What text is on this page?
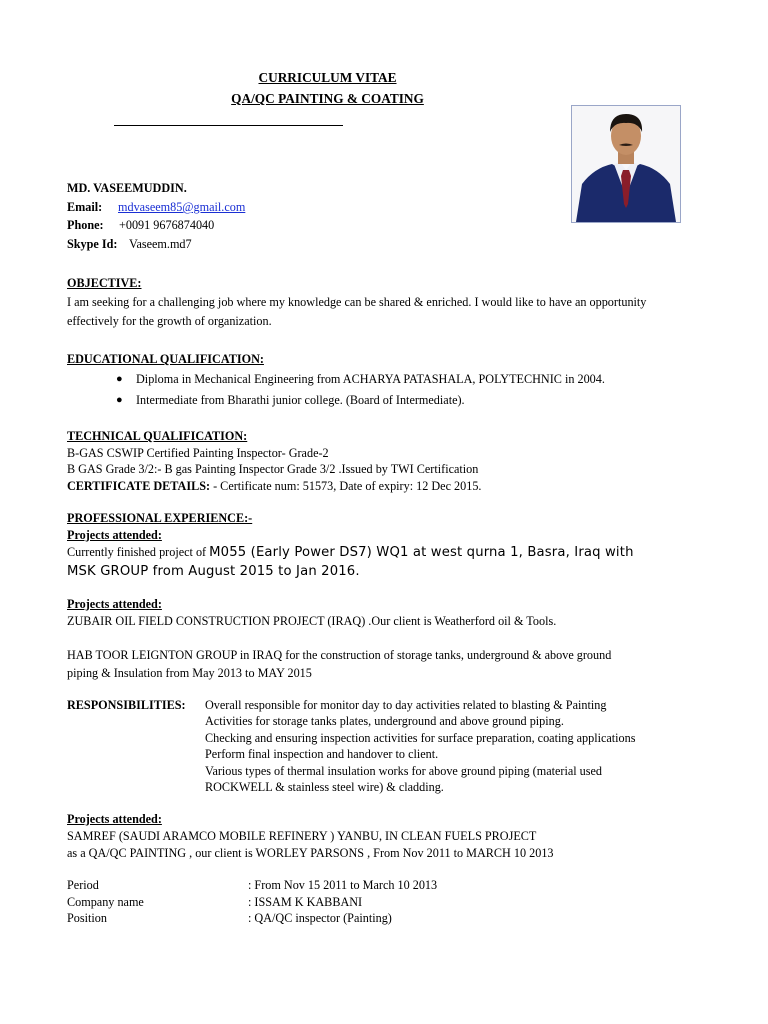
CURRICULUM VITAE
QA/QC PAINTING & COATING
MD. VASEEMUDDIN.
Email: mdvaseem85@gmail.com
Phone: +0091 9676874040
Skype Id: Vaseem.md7
OBJECTIVE:
I am seeking for a challenging job where my knowledge can be shared & enriched. I would like to have an opportunity
effectively for the growth of organization.
EDUCATIONAL QUALIFICATION:
● Diploma in Mechanical Engineering from ACHARYA PATASHALA, POLYTECHNIC in 2004.
● Intermediate from Bharathi junior college. (Board of Intermediate).
TECHNICAL QUALIFICATION:
B-GAS CSWIP Certified Painting Inspector- Grade-2
B GAS Grade 3/2:- B gas Painting Inspector Grade 3/2 .Issued by TWI Certification
CERTIFICATE DETAILS: - Certificate num: 51573, Date of expiry: 12 Dec 2015.
PROFESSIONAL EXPERIENCE:-
Projects attended:
Currently finished project of M055 (Early Power DS7) WQ1 at west qurna 1, Basra, Iraq with
MSK GROUP from August 2015 to Jan 2016.
Projects attended:
ZUBAIR OIL FIELD CONSTRUCTION PROJECT (IRAQ) .Our client is Weatherford oil & Tools.
HAB TOOR LEIGNTON GROUP in IRAQ for the construction of storage tanks, underground & above ground
piping & Insulation from May 2013 to MAY 2015
RESPONSIBILITIES: Overall responsible for monitor day to day activities related to blasting & Painting
Activities for storage tanks plates, underground and above ground piping.
Checking and ensuring inspection activities for surface preparation, coating applications
Perform final inspection and handover to client.
Various types of thermal insulation works for above ground piping (material used
ROCKWELL & stainless steel wire) & cladding.
Projects attended:
SAMREF (SAUDI ARAMCO MOBILE REFINERY ) YANBU, IN CLEAN FUELS PROJECT
as a QA/QC PAINTING , our client is WORLEY PARSONS , From Nov 2011 to MARCH 10 2013
Period	: From Nov 15 2011 to March 10 2013
Company name	: ISSAM K KABBANI
Position	: QA/QC inspector (Painting)
